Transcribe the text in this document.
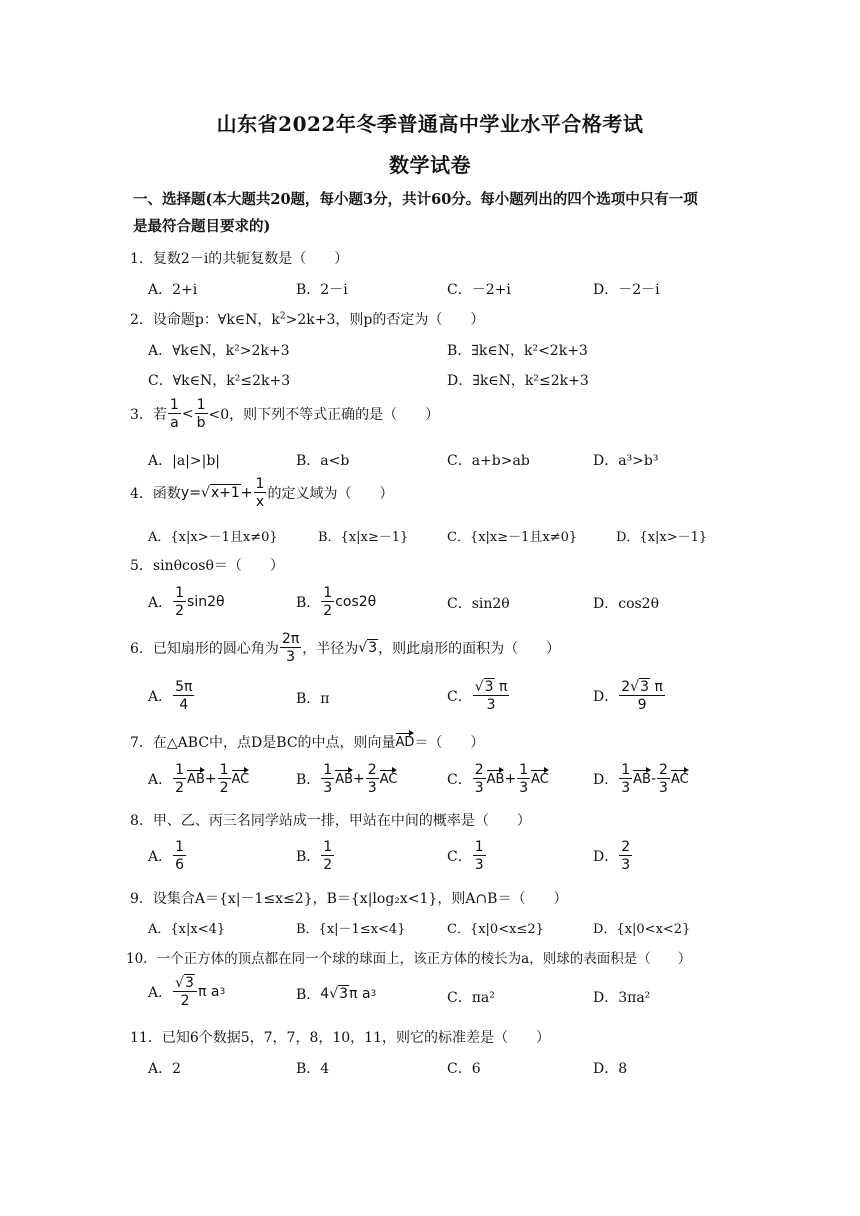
山东省2022年冬季普通高中学业水平合格考试
数学试卷
一、选择题(本大题共20题，每小题3分，共计60分。每小题列出的四个选项中只有一项
是最符合题目要求的)
1．复数2－i的共轭复数是（　　）
A．2+i	B．2－i	C．－2+i	D．－2－i
2．设命题p：∀k∈N，$k^2>2k+3$，则p的否定为（　　）
A．∀k∈N，k²>2k+3	B．∃k∈N，k²<2k+3
C．∀k∈N，k²≤2k+3	D．∃k∈N，k²≤2k+3
3．若 $\frac{1}{a} < \frac{1}{b} <0$，则下列不等式正确的是（　　）
A．|a|>|b|	B．a<b	C．a+b>ab	D．a³>b³
4．函数 $y= √x+1 + \frac{1}{x}$ 的定义域为（　　）
A．{x|x>－1且x≠0}	B．{x|x≥－1}	C．{x|x≥－1且x≠0}	D．{x|x>－1}
5．sinθcosθ＝（　　）
A． $\frac{1}{2} \sin 2\theta$	B． $\frac{1}{2} \cos 2\theta$	C．sin2θ	D．cos2θ
6．已知扇形的圆心角为 $\frac{2\pi}{3}$ ，半径为 √3 ，则此扇形的面积为（　　）
A． $\frac{5\pi}{4}$	B．π	C． $\frac{√3 \pi}{3}$	D． $\frac{2√3 \pi}{9}$
7．在△ABC中，点D是BC的中点，则向量 AD ＝（　　）
A． $\frac{1}{2}$ AB + $\frac{1}{2}$ AC	B． $\frac{1}{3}$ AB + $\frac{2}{3}$ AC	C． $\frac{2}{3}$ AB + $\frac{1}{3}$ AC	D． $\frac{1}{3}$ AB - $\frac{2}{3}$ AC
8．甲、乙、丙三名同学站成一排，甲站在中间的概率是（　　）
A． $\frac{1}{6}$	B． $\frac{1}{2}$	C． $\frac{1}{3}$	D． $\frac{2}{3}$
9．设集合A＝{x|－1≤x≤2}，B＝{x|log₂x<1}，则A∩B＝（　　）
A．{x|x<4}	B．{x|－1≤x<4}	C．{x|0<x≤2}	D．{x|0<x<2}
10．一个正方体的顶点都在同一个球的球面上，该正方体的棱长为a，则球的表面积是（　　）
A． $\frac{√3}{2}$ π a 3	B． 4 √3 π a 3	C．πa²	D．3πa²
11．已知6个数据5，7，7，8，10，11，则它的标准差是（　　）
A．2	B．4	C．6	D．8
